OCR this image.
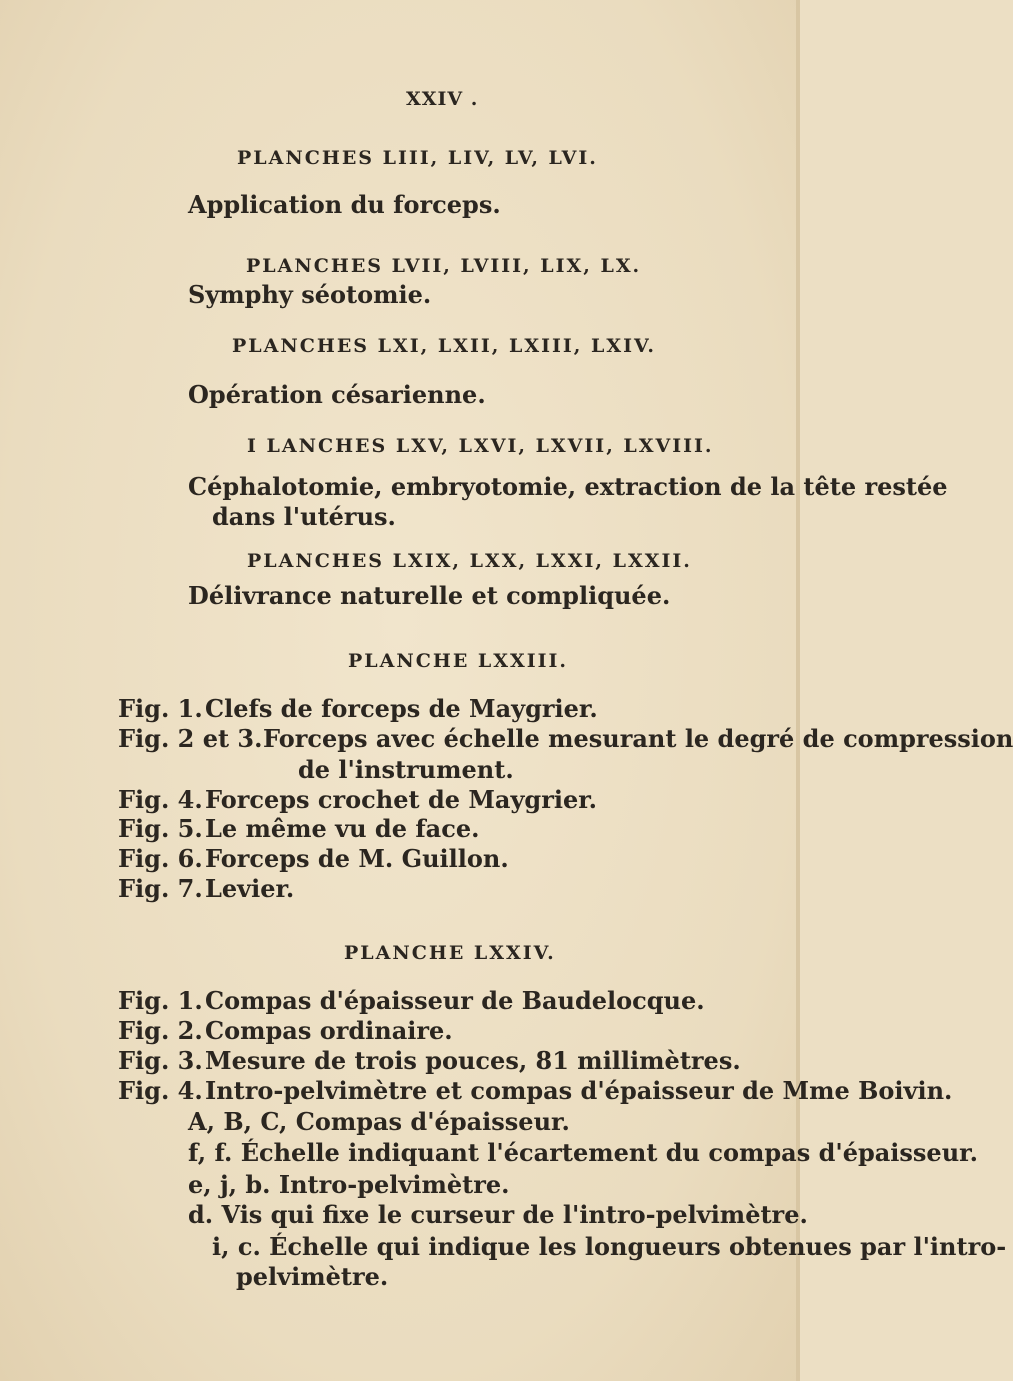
XXIV .
PLANCHES LIII, LIV, LV, LVI.
Application du forceps.
PLANCHES LVII, LVIII, LIX, LX.
Symphy séotomie.
PLANCHES LXI, LXII, LXIII, LXIV.
Opération césarienne.
I LANCHES LXV, LXVI, LXVII, LXVIII.
Céphalotomie, embryotomie, extraction de la tête restée
dans l'utérus.
PLANCHES LXIX, LXX, LXXI, LXXII.
Délivrance naturelle et compliquée.
PLANCHE LXXIII.
Fig. 1. Clefs de forceps de Maygrier.
Fig. 2 et 3. Forceps avec échelle mesurant le degré de compression
de l'instrument.
Fig. 4. Forceps crochet de Maygrier.
Fig. 5. Le même vu de face.
Fig. 6. Forceps de M. Guillon.
Fig. 7. Levier.
PLANCHE LXXIV.
Fig. 1. Compas d'épaisseur de Baudelocque.
Fig. 2. Compas ordinaire.
Fig. 3. Mesure de trois pouces, 81 millimètres.
Fig. 4. Intro-pelvimètre et compas d'épaisseur de Mme Boivin.
A, B, C, Compas d'épaisseur.
f, f. Échelle indiquant l'écartement du compas d'épaisseur.
e, j, b. Intro-pelvimètre.
d. Vis qui fixe le curseur de l'intro-pelvimètre.
i, c. Échelle qui indique les longueurs obtenues par l'intro-
pelvimètre.
